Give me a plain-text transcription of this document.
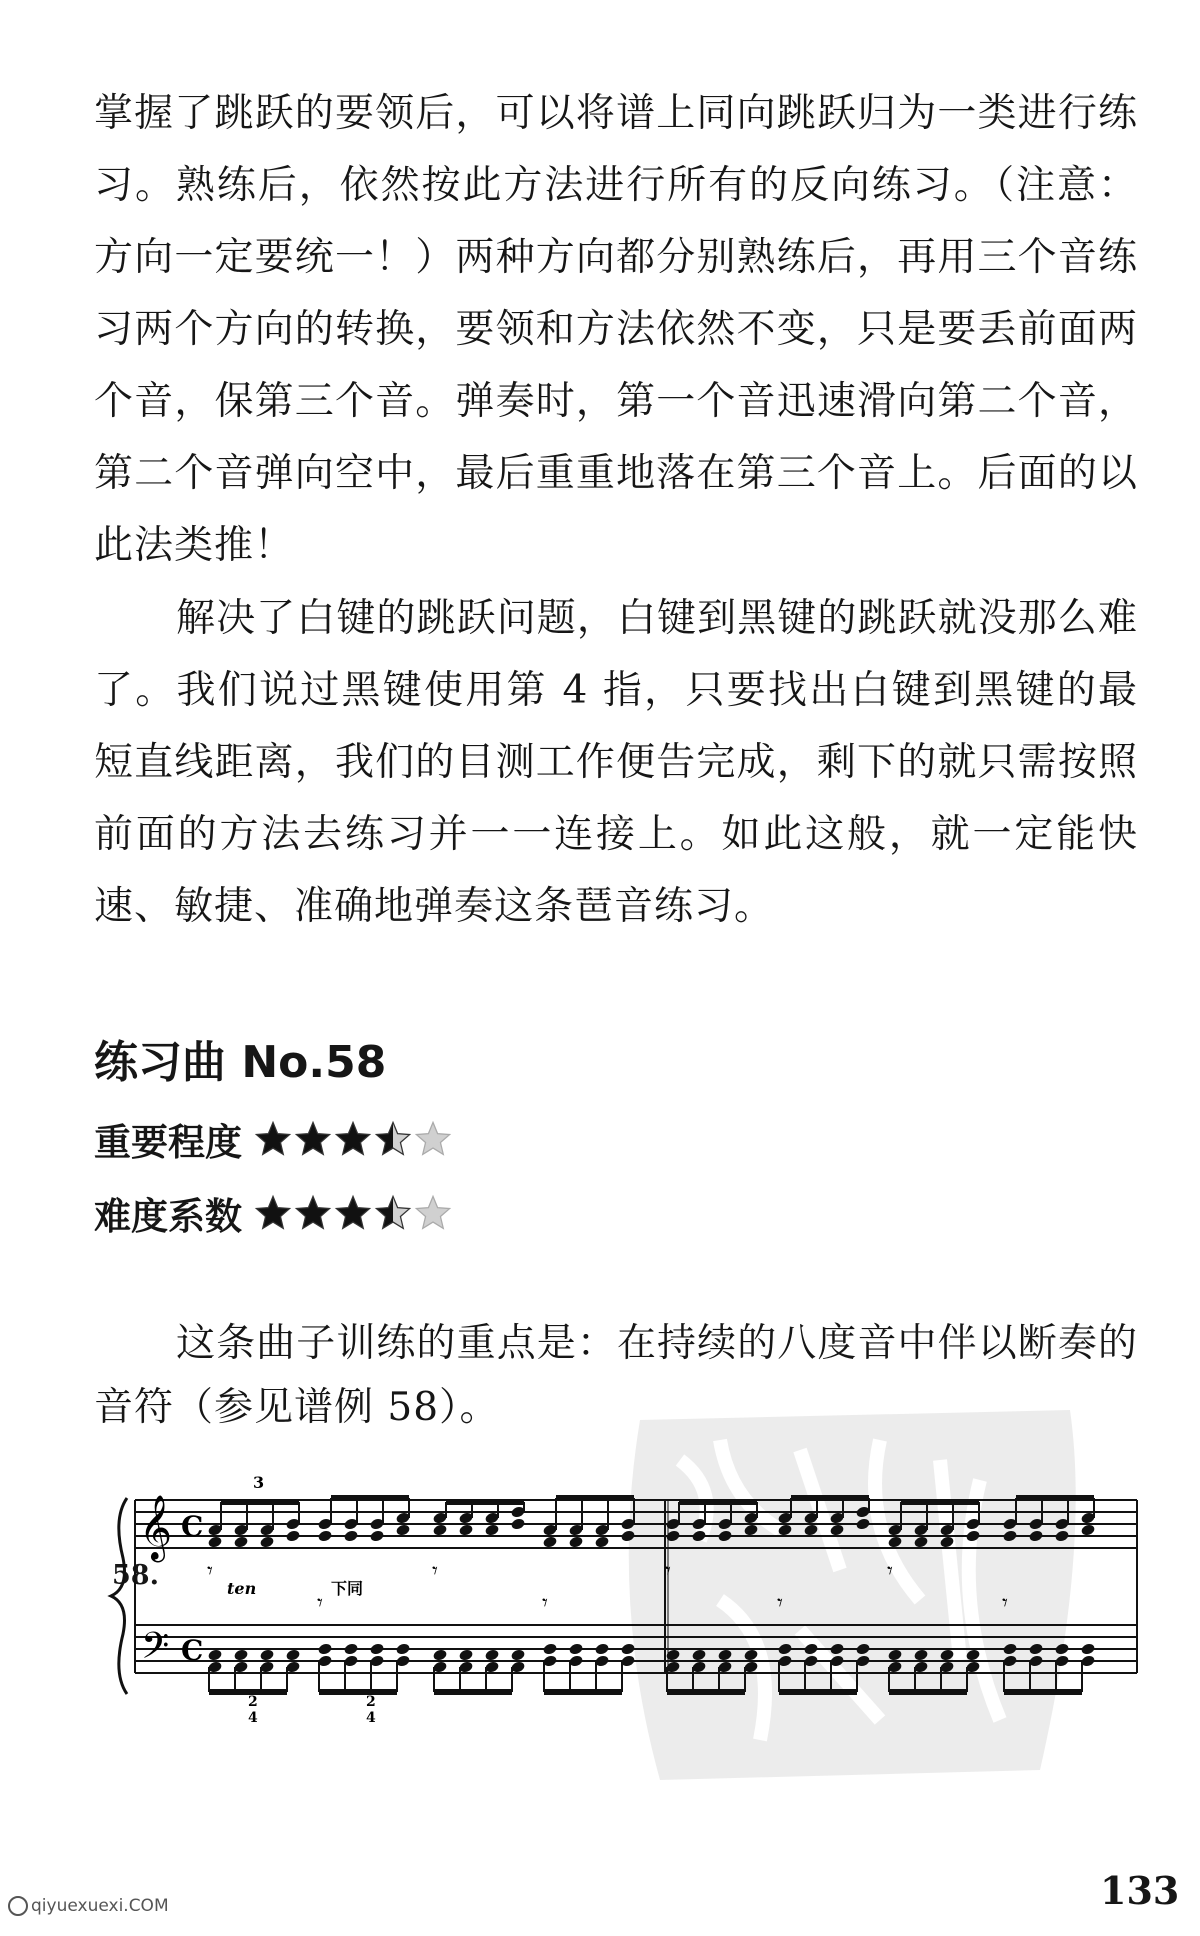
掌握了跳跃的要领后，可以将谱上同向跳跃归为一类进行练习。熟练后，依然按此方法进行所有的反向练习。（注意：方向一定要统一！）两种方向都分别熟练后，再用三个音练习两个方向的转换，要领和方法依然不变，只是要丢前面两个音，保第三个音。弹奏时，第一个音迅速滑向第二个音，第二个音弹向空中，最后重重地落在第三个音上。后面的以此法类推！

解决了白键的跳跃问题，白键到黑键的跳跃就没那么难了。我们说过黑键使用第 4 指，只要找出白键到黑键的最短直线距离，我们的目测工作便告完成，剩下的就只需按照前面的方法去练习并一一连接上。如此这般，就一定能快速、敏捷、准确地弹奏这条琶音练习。

练习曲 No.58
重要程度
难度系数

这条曲子训练的重点是：在持续的八度音中伴以断奏的音符（参见谱例 58）。

58.
𝄞
𝄢
C
C
𝄾
𝄾
𝄾
𝄾
𝄾
𝄾
𝄾
𝄾
3
ten	下同
2
4
2
4
133
qiyuexuexi.COM
